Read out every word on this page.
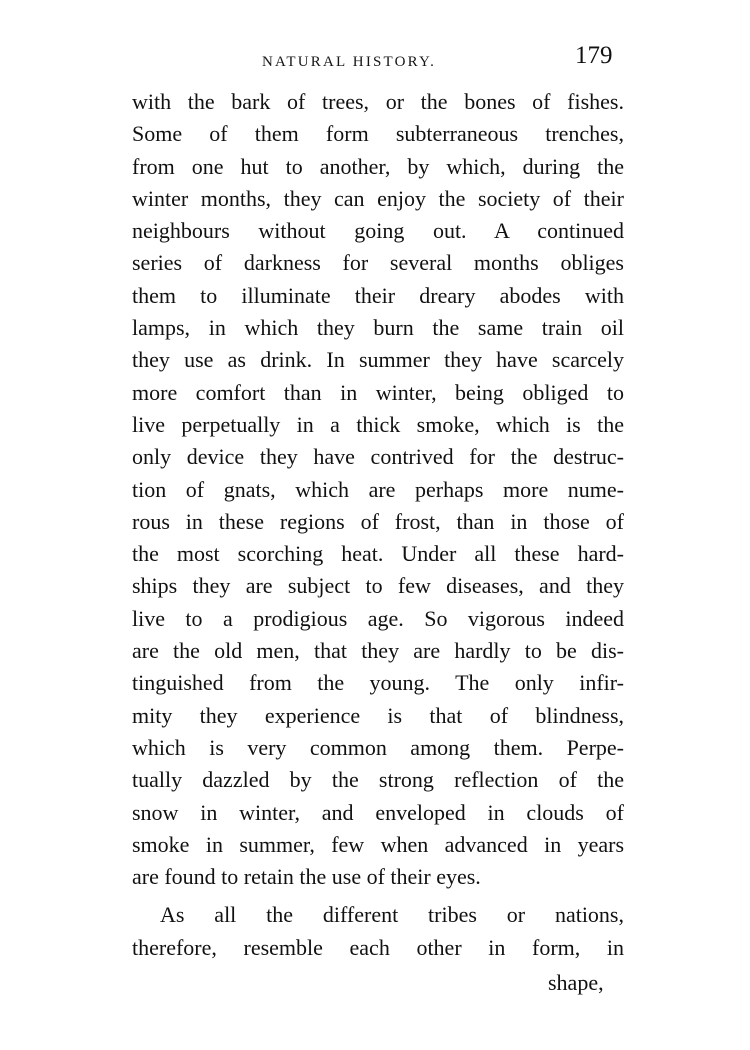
NATURAL HISTORY.	179
with the bark of trees, or the bones of fishes.
Some of them form subterraneous trenches,
from one hut to another, by which, during the
winter months, they can enjoy the society of their
neighbours without going out. A continued
series of darkness for several months obliges
them to illuminate their dreary abodes with
lamps, in which they burn the same train oil
they use as drink. In summer they have scarcely
more comfort than in winter, being obliged to
live perpetually in a thick smoke, which is the
only device they have contrived for the destruc-
tion of gnats, which are perhaps more nume-
rous in these regions of frost, than in those of
the most scorching heat. Under all these hard-
ships they are subject to few diseases, and they
live to a prodigious age. So vigorous indeed
are the old men, that they are hardly to be dis-
tinguished from the young. The only infir-
mity they experience is that of blindness,
which is very common among them. Perpe-
tually dazzled by the strong reflection of the
snow in winter, and enveloped in clouds of
smoke in summer, few when advanced in years
are found to retain the use of their eyes.
As all the different tribes or nations,
therefore, resemble each other in form, in
shape,
